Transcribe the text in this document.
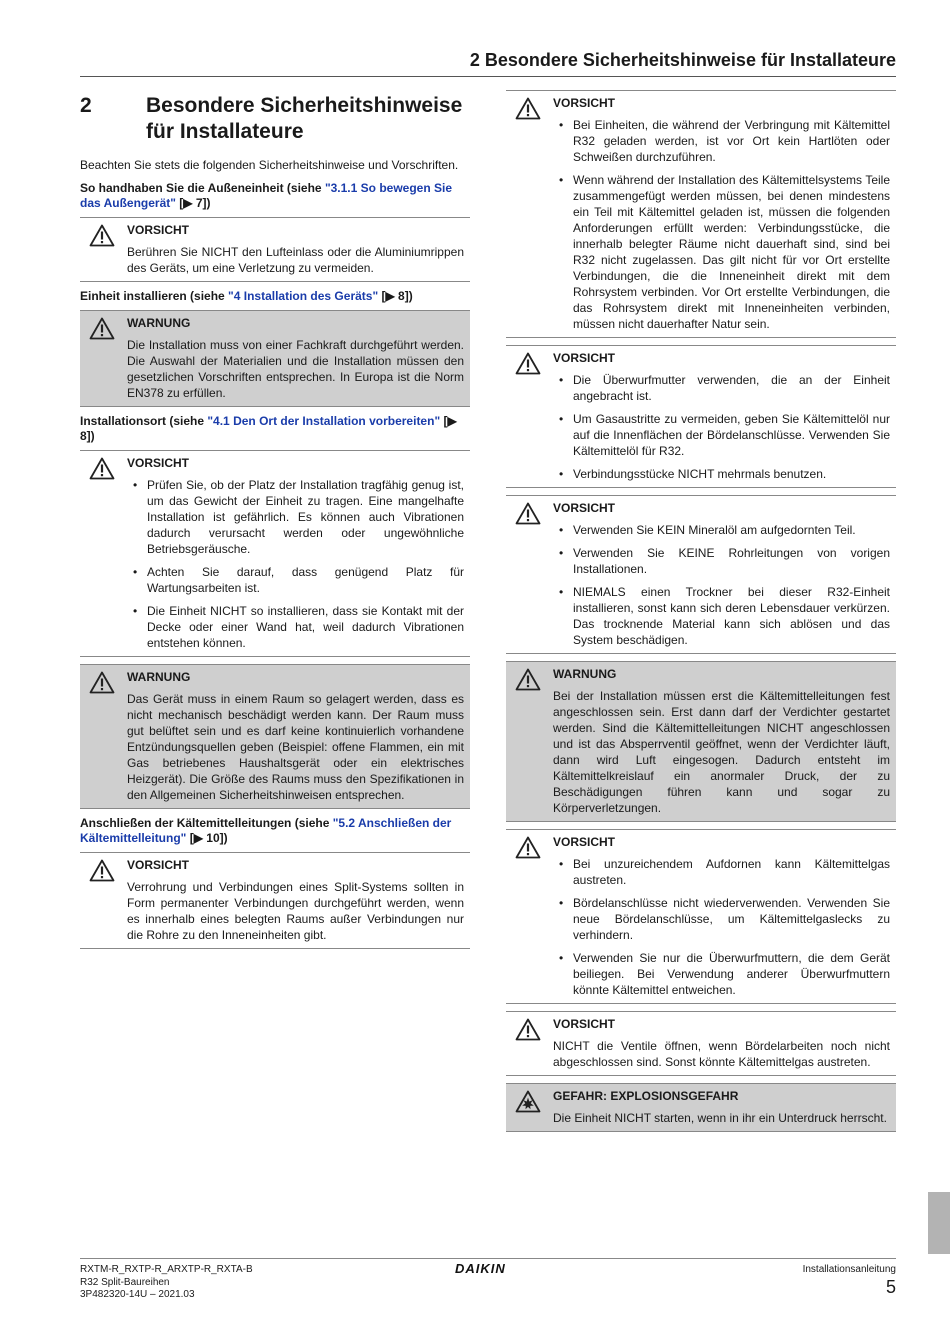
2 Besondere Sicherheitshinweise für Installateure
2	Besondere Sicherheitshinweise für Installateure

Beachten Sie stets die folgenden Sicherheitshinweise und Vorschriften.

So handhaben Sie die Außeneinheit (siehe "3.1.1 So bewegen Sie das Außengerät" [▶ 7])
VORSICHT

Berühren Sie NICHT den Lufteinlass oder die Aluminiumrippen des Geräts, um eine Verletzung zu vermeiden.

Einheit installieren (siehe "4 Installation des Geräts" [▶ 8])
WARNUNG

Die Installation muss von einer Fachkraft durchgeführt werden. Die Auswahl der Materialien und die Installation müssen den gesetzlichen Vorschriften entsprechen. In Europa ist die Norm EN378 zu erfüllen.

Installationsort (siehe "4.1 Den Ort der Installation vorbereiten" [▶ 8])
VORSICHT
• Prüfen Sie, ob der Platz der Installation tragfähig genug ist, um das Gewicht der Einheit zu tragen. Eine mangelhafte Installation ist gefährlich. Es können auch Vibrationen dadurch verursacht werden oder ungewöhnliche Betriebsgeräusche.
• Achten Sie darauf, dass genügend Platz für Wartungsarbeiten ist.
• Die Einheit NICHT so installieren, dass sie Kontakt mit der Decke oder einer Wand hat, weil dadurch Vibrationen entstehen können.
WARNUNG

Das Gerät muss in einem Raum so gelagert werden, dass es nicht mechanisch beschädigt werden kann. Der Raum muss gut belüftet sein und es darf keine kontinuierlich vorhandene Entzündungsquellen geben (Beispiel: offene Flammen, ein mit Gas betriebenes Haushaltsgerät oder ein elektrisches Heizgerät). Die Größe des Raums muss den Spezifikationen in den Allgemeinen Sicherheitshinweisen entsprechen.

Anschließen der Kältemittelleitungen (siehe "5.2 Anschließen der Kältemittelleitung" [▶ 10])
VORSICHT

Verrohrung und Verbindungen eines Split-Systems sollten in Form permanenter Verbindungen durchgeführt werden, wenn es innerhalb eines belegten Raums außer Verbindungen nur die Rohre zu den Inneneinheiten gibt.

VORSICHT
• Bei Einheiten, die während der Verbringung mit Kältemittel R32 geladen werden, ist vor Ort kein Hartlöten oder Schweißen durchzuführen.
• Wenn während der Installation des Kältemittelsystems Teile zusammengefügt werden müssen, bei denen mindestens ein Teil mit Kältemittel geladen ist, müssen die folgenden Anforderungen erfüllt werden: Verbindungsstücke, die innerhalb belegter Räume nicht dauerhaft sind, sind bei R32 nicht zugelassen. Das gilt nicht für vor Ort erstellte Verbindungen, die die Inneneinheit direkt mit dem Rohrsystem verbinden. Vor Ort erstellte Verbindungen, die das Rohrsystem direkt mit Inneneinheiten verbinden, müssen nicht dauerhafter Natur sein.
VORSICHT
• Die Überwurfmutter verwenden, die an der Einheit angebracht ist.
• Um Gasaustritte zu vermeiden, geben Sie Kältemittelöl nur auf die Innenflächen der Bördelanschlüsse. Verwenden Sie Kältemittelöl für R32.
• Verbindungsstücke NICHT mehrmals benutzen.
VORSICHT
• Verwenden Sie KEIN Mineralöl am aufgedornten Teil.
• Verwenden Sie KEINE Rohrleitungen von vorigen Installationen.
• NIEMALS einen Trockner bei dieser R32-Einheit installieren, sonst kann sich deren Lebensdauer verkürzen. Das trocknende Material kann sich ablösen und das System beschädigen.
WARNUNG

Bei der Installation müssen erst die Kältemittelleitungen fest angeschlossen sein. Erst dann darf der Verdichter gestartet werden. Sind die Kältemittelleitungen NICHT angeschlossen und ist das Absperrventil geöffnet, wenn der Verdichter läuft, dann wird Luft eingesogen. Dadurch entsteht im Kältemittelkreislauf ein anormaler Druck, der zu Beschädigungen führen kann und sogar zu Körperverletzungen.

VORSICHT
• Bei unzureichendem Aufdornen kann Kältemittelgas austreten.
• Bördelanschlüsse nicht wiederverwenden. Verwenden Sie neue Bördelanschlüsse, um Kältemittelgaslecks zu verhindern.
• Verwenden Sie nur die Überwurfmuttern, die dem Gerät beiliegen. Bei Verwendung anderer Überwurfmuttern könnte Kältemittel entweichen.
VORSICHT

NICHT die Ventile öffnen, wenn Bördelarbeiten noch nicht abgeschlossen sind. Sonst könnte Kältemittelgas austreten.

GEFAHR: EXPLOSIONSGEFAHR

Die Einheit NICHT starten, wenn in ihr ein Unterdruck herrscht.

RXTM-R_RXTP-R_ARXTP-R_RXTA-B
R32 Split-Baureihen
3P482320-14U – 2021.03
DAIKIN	Installationsanleitung
5
